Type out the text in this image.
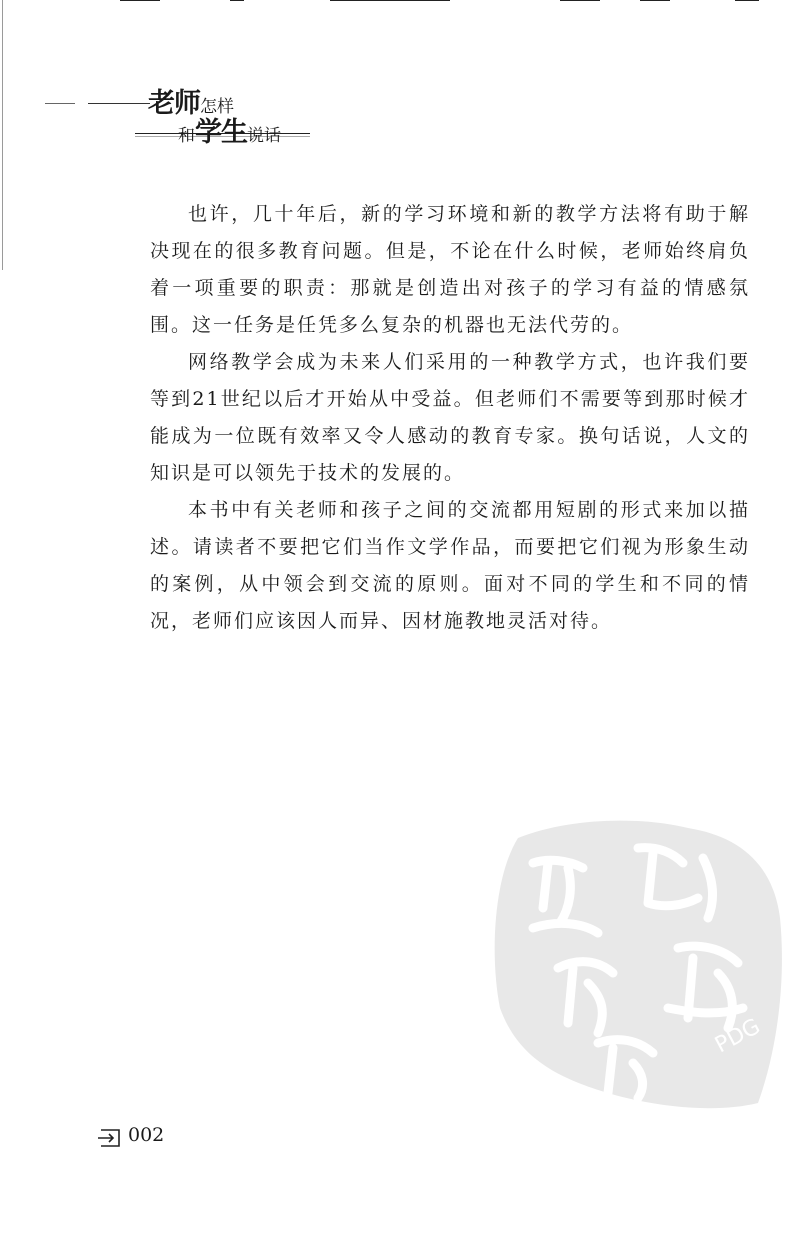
老师怎样
和学生说话

也许，几十年后，新的学习环境和新的教学方法将有助于解决现在的很多教育问题。但是，不论在什么时候，老师始终肩负着一项重要的职责：那就是创造出对孩子的学习有益的情感氛围。这一任务是任凭多么复杂的机器也无法代劳的。

网络教学会成为未来人们采用的一种教学方式，也许我们要等到21世纪以后才开始从中受益。但老师们不需要等到那时候才能成为一位既有效率又令人感动的教育专家。换句话说，人文的知识是可以领先于技术的发展的。

本书中有关老师和孩子之间的交流都用短剧的形式来加以描述。请读者不要把它们当作文学作品，而要把它们视为形象生动的案例，从中领会到交流的原则。面对不同的学生和不同的情况，老师们应该因人而异、因材施教地灵活对待。

PDG
002
